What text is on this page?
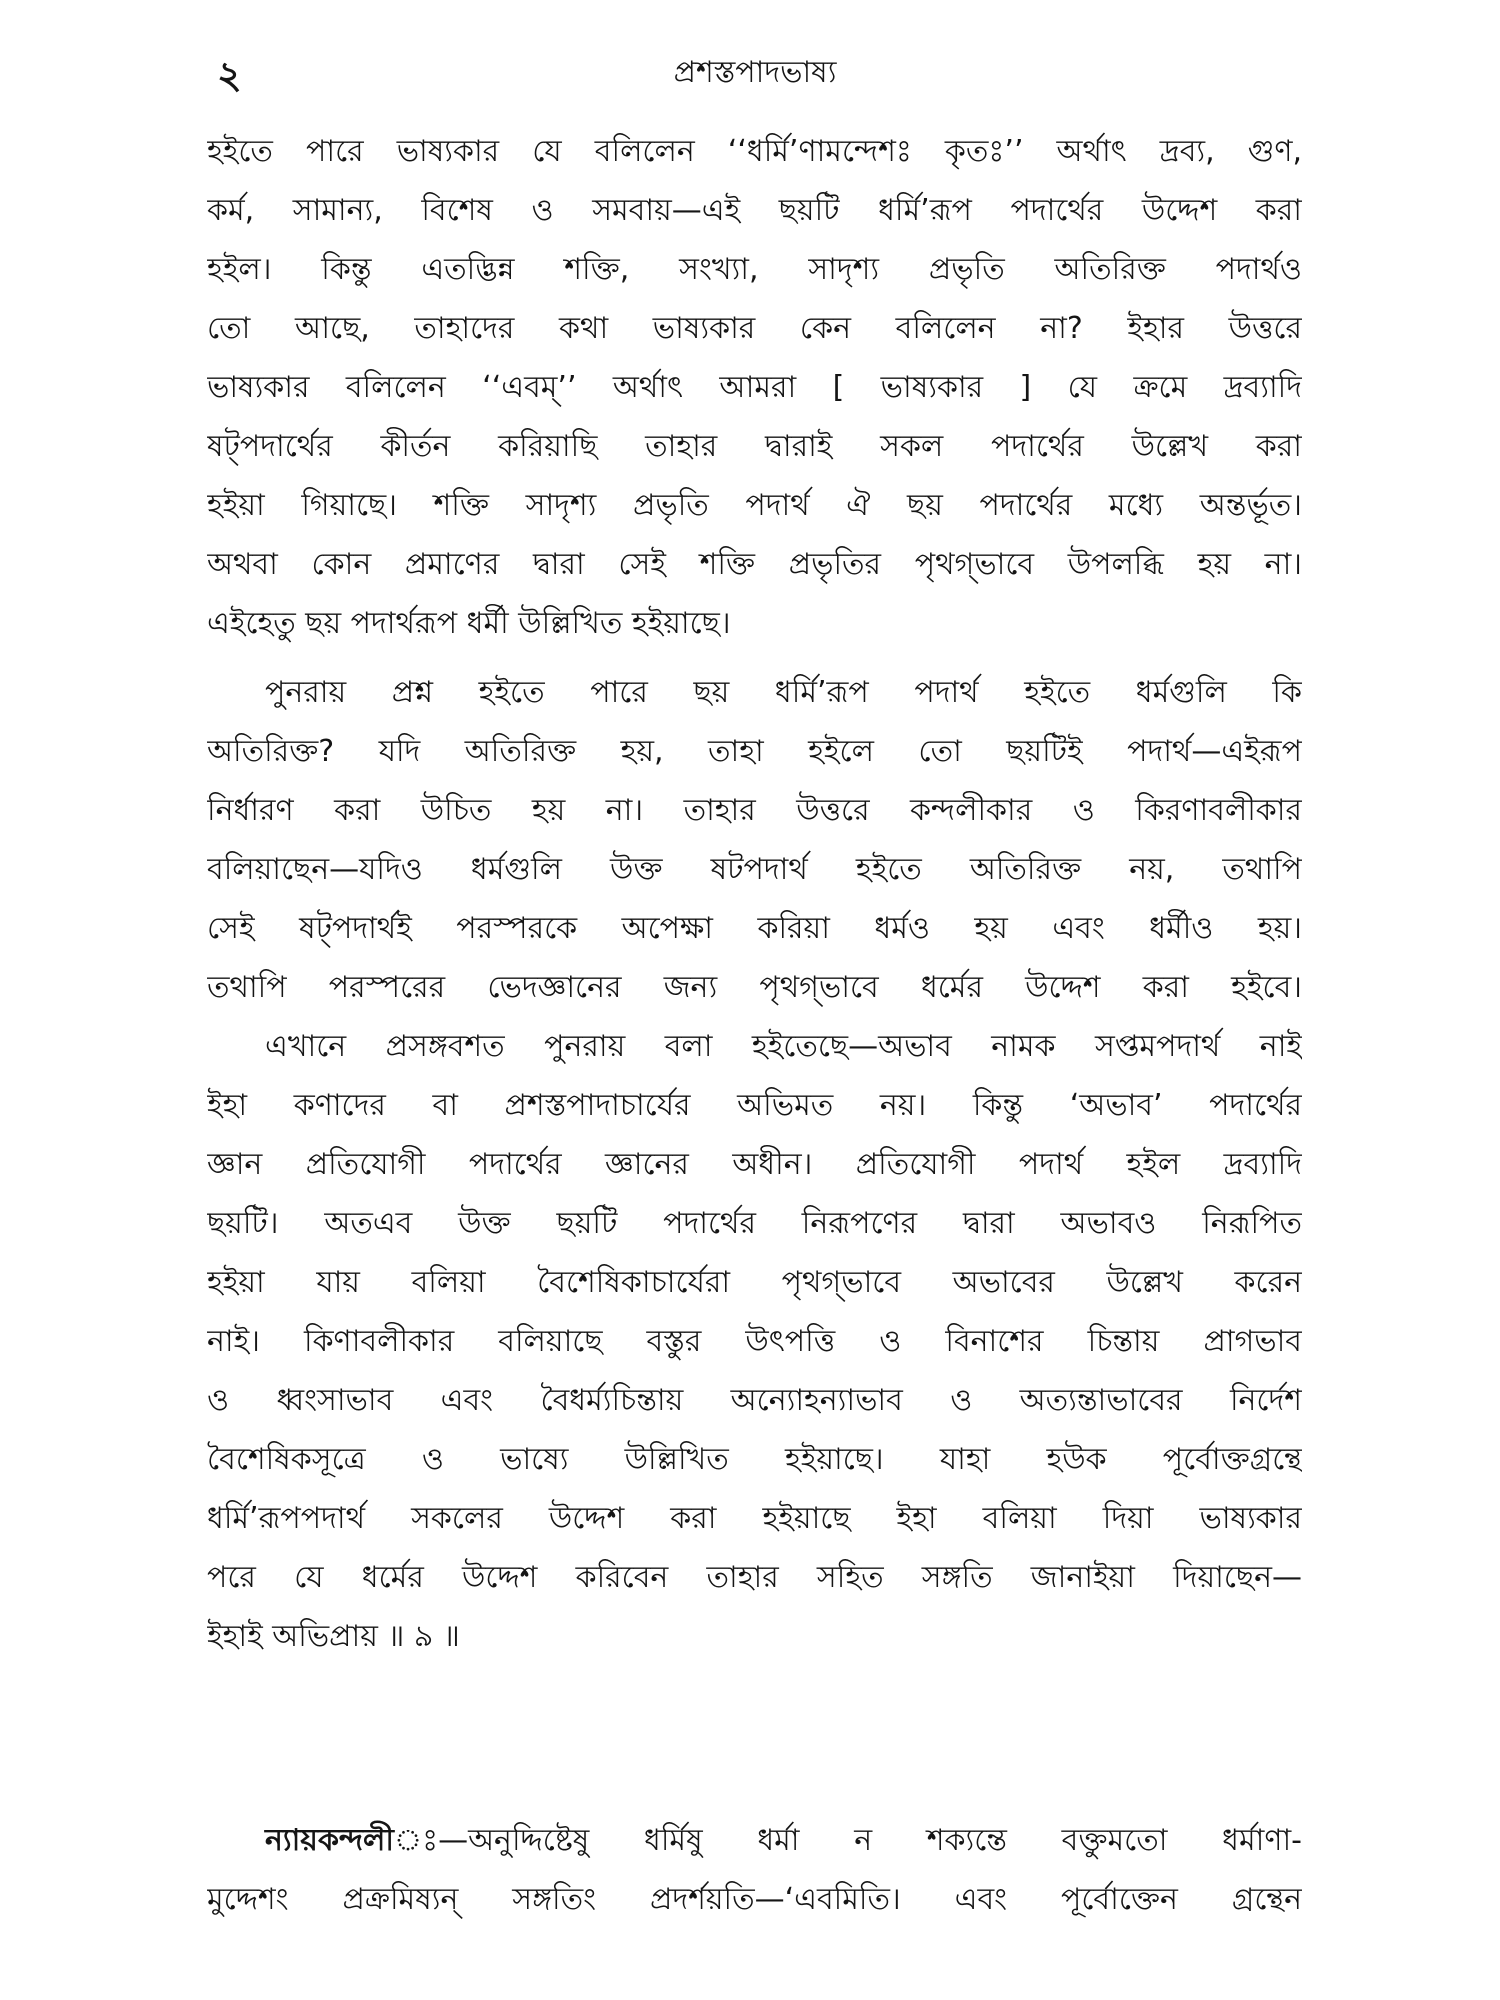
২	প্রশস্তপাদভাষ্য
হইতে পারে ভাষ্যকার যে বলিলেন ‘‘ধর্মি’ণামন্দেশঃ কৃতঃ’’ অর্থাৎ দ্রব্য, গুণ,
কর্ম, সামান্য, বিশেষ ও সমবায়—এই ছয়টি ধর্মি’রূপ পদার্থের উদ্দেশ করা
হইল। কিন্তু এতদ্ভিন্ন শক্তি, সংখ্যা, সাদৃশ্য প্রভৃতি অতিরিক্ত পদার্থও
তো আছে, তাহাদের কথা ভাষ্যকার কেন বলিলেন না? ইহার উত্তরে
ভাষ্যকার বলিলেন ‘‘এবম্’’ অর্থাৎ আমরা [ ভাষ্যকার ] যে ক্রমে দ্রব্যাদি
ষট্‌পদার্থের কীর্তন করিয়াছি তাহার দ্বারাই সকল পদার্থের উল্লেখ করা
হইয়া গিয়াছে। শক্তি সাদৃশ্য প্রভৃতি পদার্থ ঐ ছয় পদার্থের মধ্যে অন্তর্ভূত।
অথবা কোন প্রমাণের দ্বারা সেই শক্তি প্রভৃতির পৃথগ্‌ভাবে উপলব্ধি হয় না।
এইহেতু ছয় পদার্থরূপ ধর্মী উল্লিখিত হইয়াছে।
পুনরায় প্রশ্ন হইতে পারে ছয় ধর্মি’রূপ পদার্থ হইতে ধর্মগুলি কি
অতিরিক্ত? যদি অতিরিক্ত হয়, তাহা হইলে তো ছয়টিই পদার্থ—এইরূপ
নির্ধারণ করা উচিত হয় না। তাহার উত্তরে কন্দলীকার ও কিরণাবলীকার
বলিয়াছেন—যদিও ধর্মগুলি উক্ত ষটপদার্থ হইতে অতিরিক্ত নয়, তথাপি
সেই ষট্‌পদার্থই পরস্পরকে অপেক্ষা করিয়া ধর্মও হয় এবং ধর্মীও হয়।
তথাপি পরস্পরের ভেদজ্ঞানের জন্য পৃথগ্‌ভাবে ধর্মের উদ্দেশ করা হইবে।
এখানে প্রসঙ্গবশত পুনরায় বলা হইতেছে—অভাব নামক সপ্তমপদার্থ নাই
ইহা কণাদের বা প্রশস্তপাদাচার্যের অভিমত নয়। কিন্তু ‘অভাব’ পদার্থের
জ্ঞান প্রতিযোগী পদার্থের জ্ঞানের অধীন। প্রতিযোগী পদার্থ হইল দ্রব্যাদি
ছয়টি। অতএব উক্ত ছয়টি পদার্থের নিরূপণের দ্বারা অভাবও নিরূপিত
হইয়া যায় বলিয়া বৈশেষিকাচার্যেরা পৃথগ্‌ভাবে অভাবের উল্লেখ করেন
নাই। কিণাবলীকার বলিয়াছে বস্তুর উৎপত্তি ও বিনাশের চিন্তায় প্রাগভাব
ও ধ্বংসাভাব এবং বৈধর্ম্যচিন্তায় অন্যোহন্যাভাব ও অত্যন্তাভাবের নির্দেশ
বৈশেষিকসূত্রে ও ভাষ্যে উল্লিখিত হইয়াছে। যাহা হউক পূর্বোক্তগ্রন্থে
ধর্মি’রূপপদার্থ সকলের উদ্দেশ করা হইয়াছে ইহা বলিয়া দিয়া ভাষ্যকার
পরে যে ধর্মের উদ্দেশ করিবেন তাহার সহিত সঙ্গতি জানাইয়া দিয়াছেন—
ইহাই অভিপ্রায় ॥ ৯ ॥
ন্যায়কন্দলীঃ—অনুদ্দিষ্টেষু ধর্মিষু ধর্মা ন শক্যন্তে বক্তুমতো ধর্মাণা-
মুদ্দেশং প্রক্রমিষ্যন্ সঙ্গতিং প্রদর্শয়তি—‘এবমিতি। এবং পূর্বোক্তেন গ্রন্থেন
